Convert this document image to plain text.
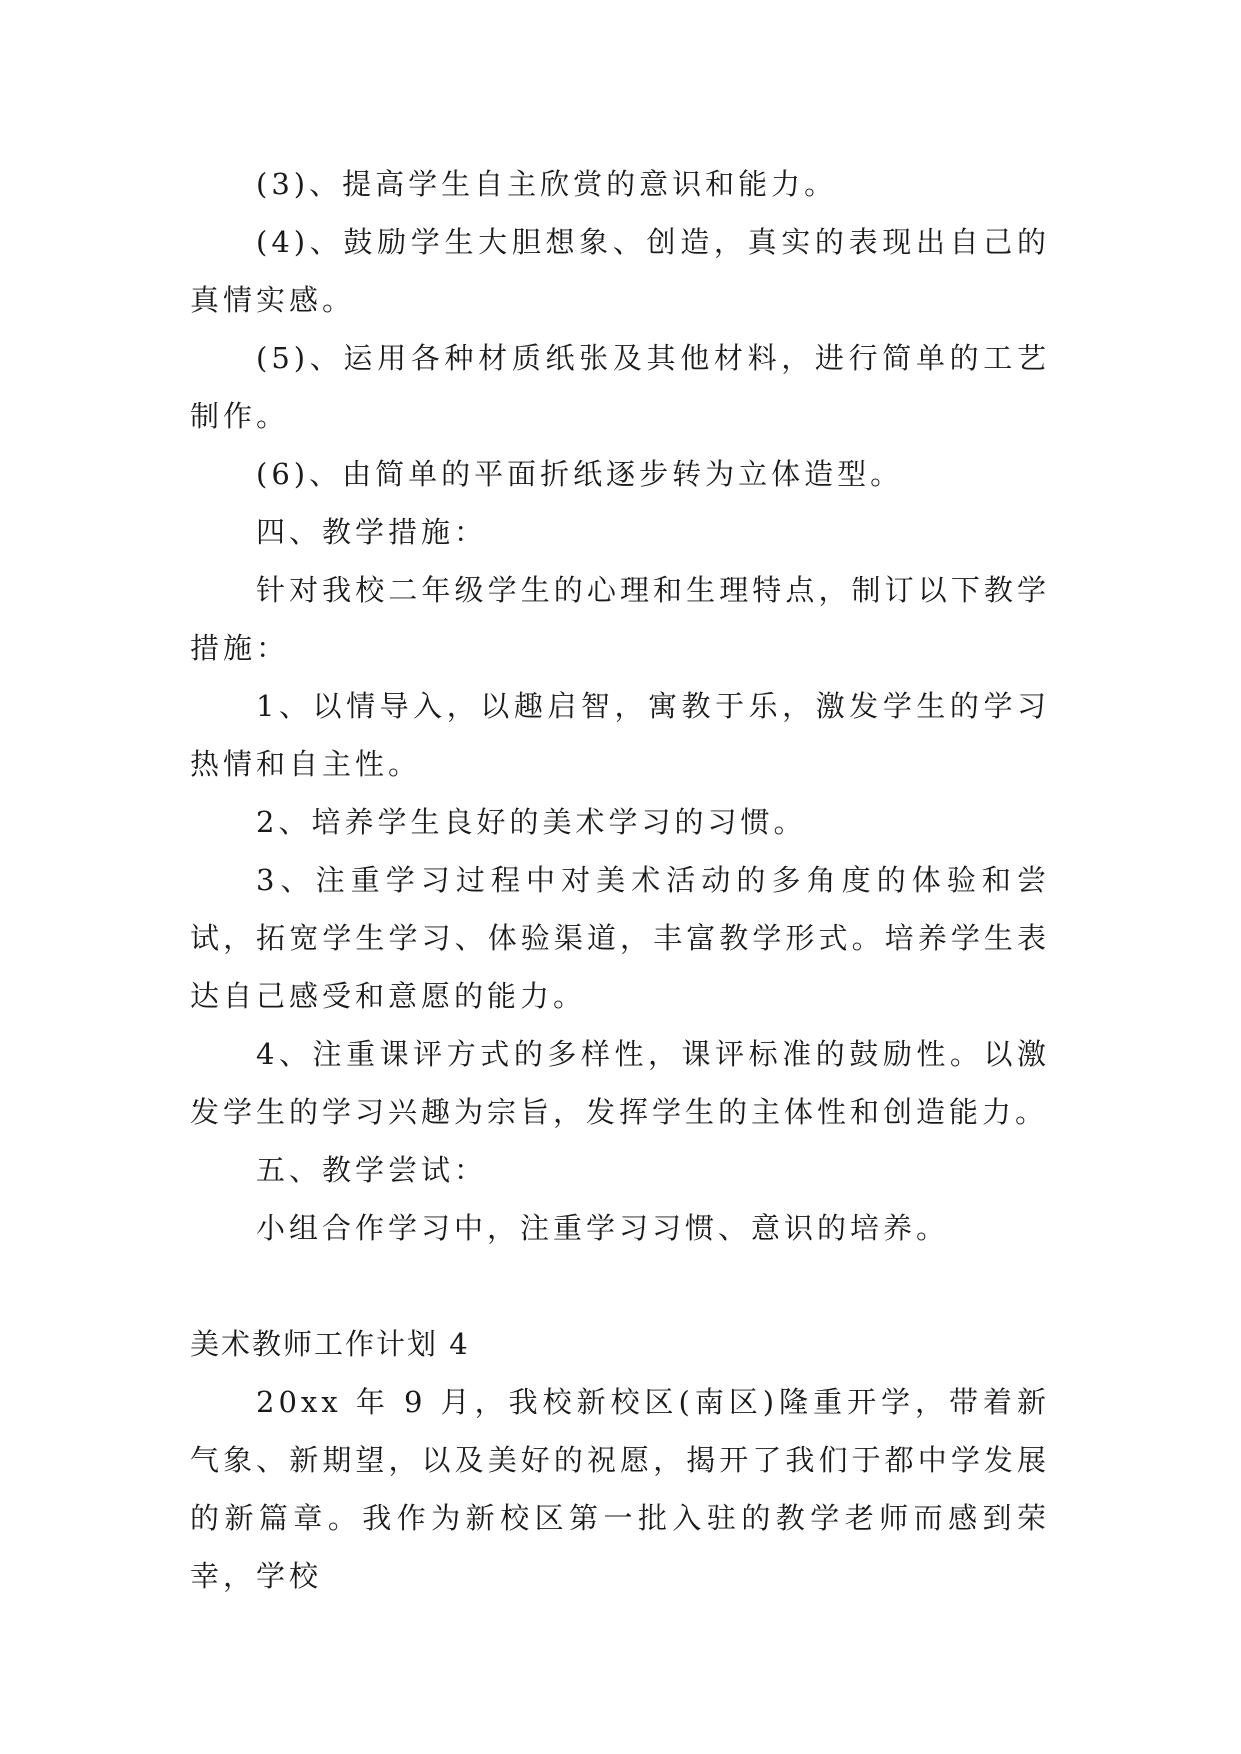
(3)、提高学生自主欣赏的意识和能力。

(4)、鼓励学生大胆想象、创造，真实的表现出自己的真情实感。

(5)、运用各种材质纸张及其他材料，进行简单的工艺制作。

(6)、由简单的平面折纸逐步转为立体造型。

四、教学措施：

针对我校二年级学生的心理和生理特点，制订以下教学措施：

1、以情导入，以趣启智，寓教于乐，激发学生的学习热情和自主性。

2、培养学生良好的美术学习的习惯。

3、注重学习过程中对美术活动的多角度的体验和尝试，拓宽学生学习、体验渠道，丰富教学形式。培养学生表达自己感受和意愿的能力。

4、注重课评方式的多样性，课评标准的鼓励性。以激发学生的学习兴趣为宗旨，发挥学生的主体性和创造能力。

五、教学尝试：

小组合作学习中，注重学习习惯、意识的培养。

美术教师工作计划 4

20xx 年 9 月，我校新校区(南区)隆重开学，带着新气象、新期望，以及美好的祝愿，揭开了我们于都中学发展的新篇章。我作为新校区第一批入驻的教学老师而感到荣幸，学校
